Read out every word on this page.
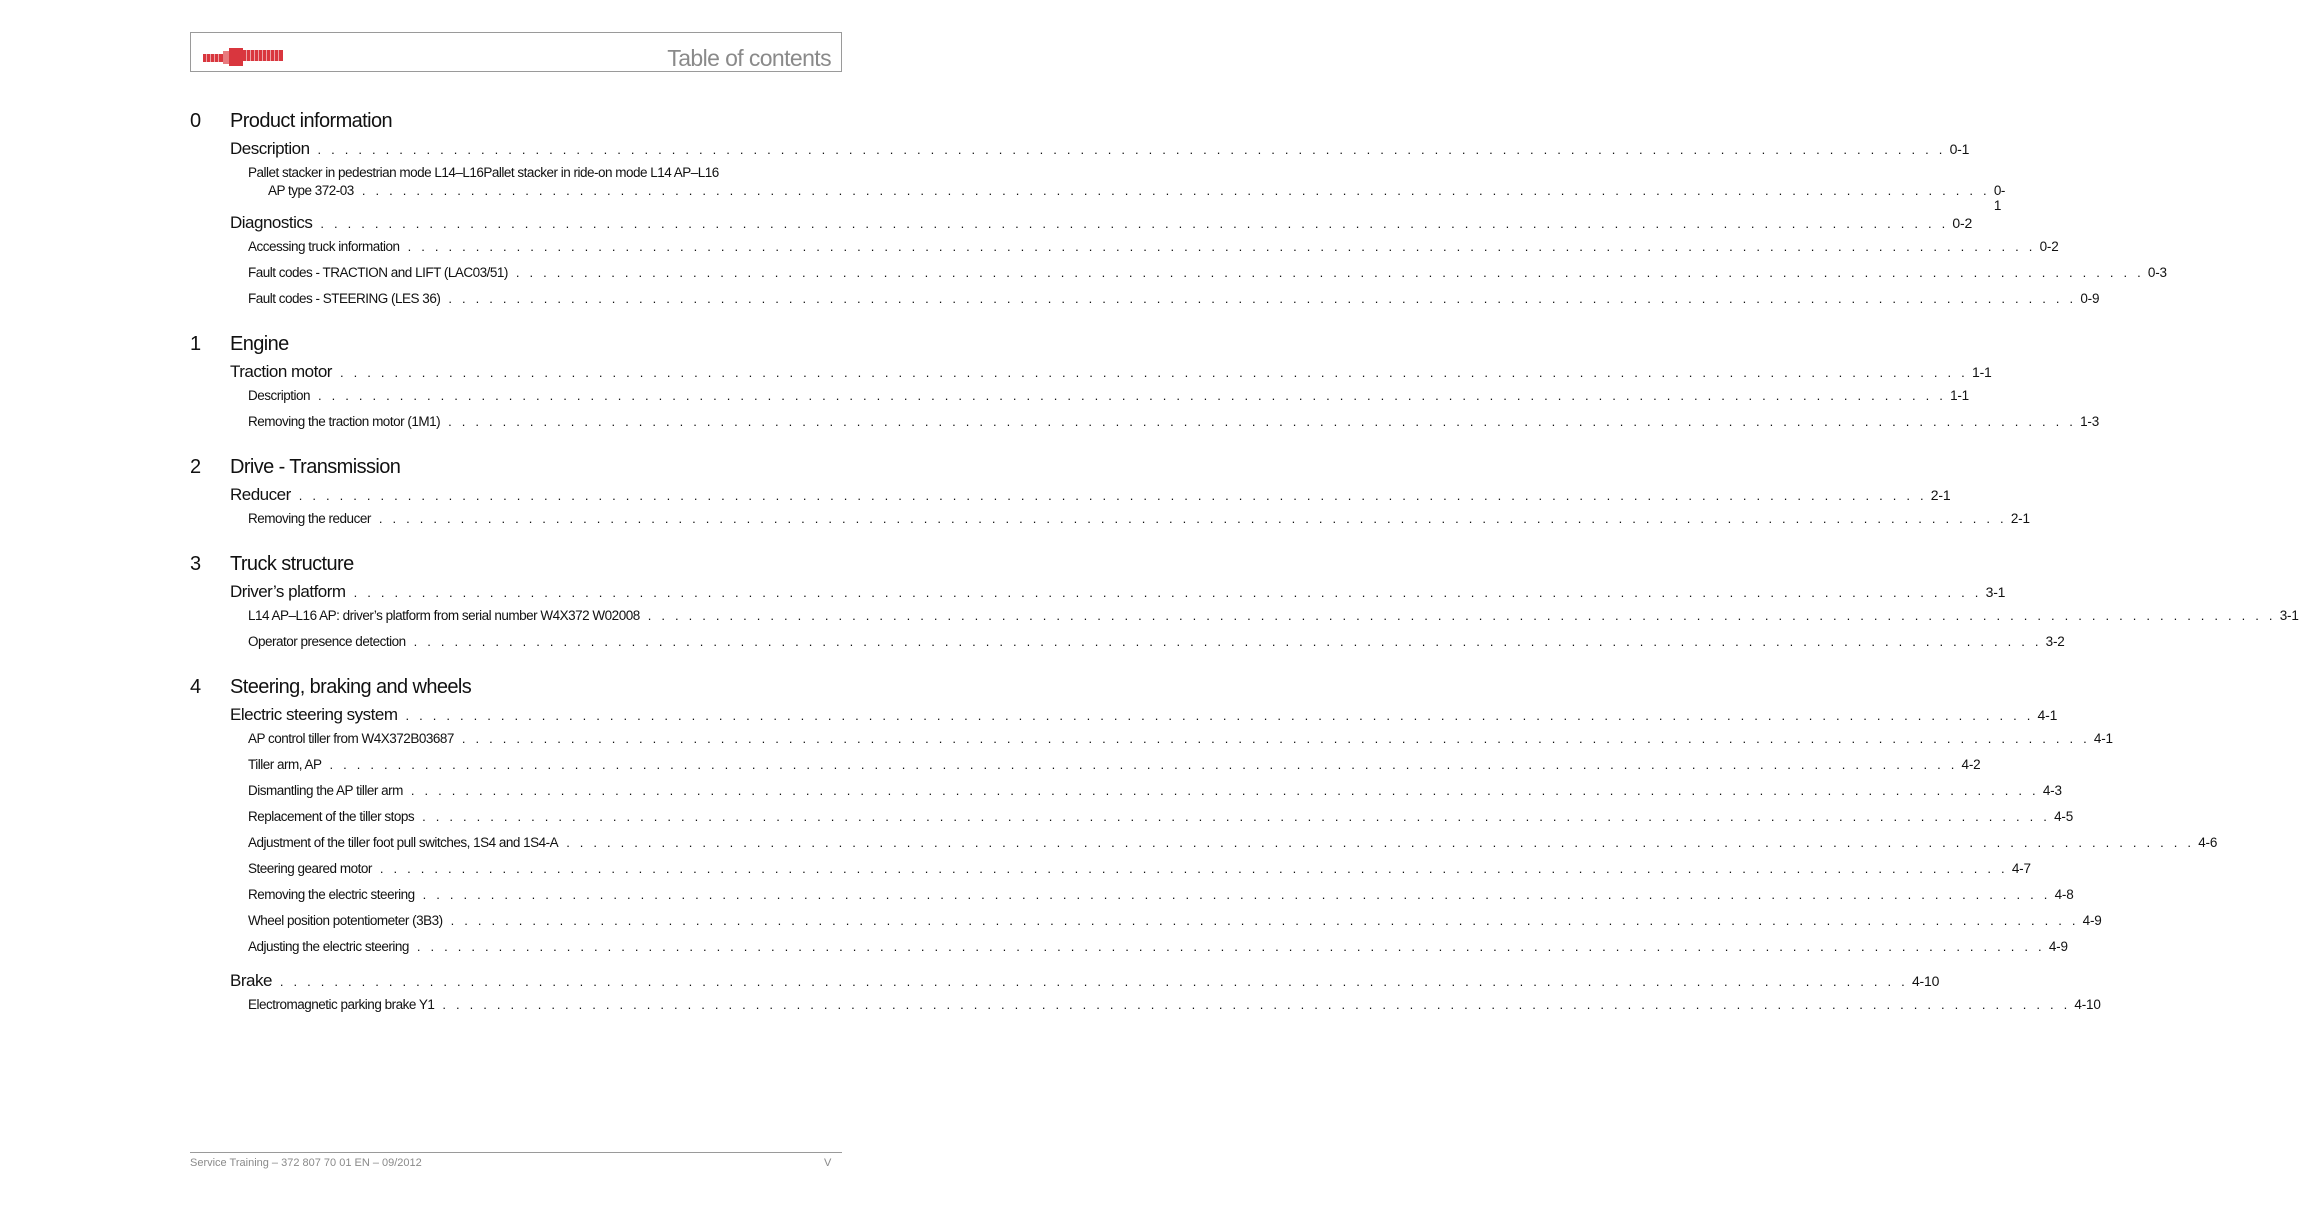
Table of contents
0	Product information
Description . . . . . . . . . . . . . . . . . . . . . . . . . . . . . . . . . . . . . . . . . . . . . . . . . . . . . . . . . . . . . . . . . . . . . . . . . . . . . . . . . . . . . . . . . . . . . . . . . . . . . . . . . . . . . . . . . . . . . . . . 0-1
Pallet stacker in pedestrian mode L14–L16Pallet stacker in ride-on mode L14 AP–L16
AP type 372-03 . . . . . . . . . . . . . . . . . . . . . . . . . . . . . . . . . . . . . . . . . . . . . . . . . . . . . . . . . . . . . . . . . . . . . . . . . . . . . . . . . . . . . . . . . . . . . . . . . . . . . . . . . . . . . . . . . . . . . . . . 0-1
Diagnostics . . . . . . . . . . . . . . . . . . . . . . . . . . . . . . . . . . . . . . . . . . . . . . . . . . . . . . . . . . . . . . . . . . . . . . . . . . . . . . . . . . . . . . . . . . . . . . . . . . . . . . . . . . . . . . . . . . . . . . . . 0-2
Accessing truck information . . . . . . . . . . . . . . . . . . . . . . . . . . . . . . . . . . . . . . . . . . . . . . . . . . . . . . . . . . . . . . . . . . . . . . . . . . . . . . . . . . . . . . . . . . . . . . . . . . . . . . . . . . . . . . . . . . . . . . . . 0-2
Fault codes - TRACTION and LIFT (LAC03/51) . . . . . . . . . . . . . . . . . . . . . . . . . . . . . . . . . . . . . . . . . . . . . . . . . . . . . . . . . . . . . . . . . . . . . . . . . . . . . . . . . . . . . . . . . . . . . . . . . . . . . . . . . . . . . . . . . . . . . . . . 0-3
Fault codes - STEERING (LES 36) . . . . . . . . . . . . . . . . . . . . . . . . . . . . . . . . . . . . . . . . . . . . . . . . . . . . . . . . . . . . . . . . . . . . . . . . . . . . . . . . . . . . . . . . . . . . . . . . . . . . . . . . . . . . . . . . . . . . . . . . 0-9
1	Engine
Traction motor . . . . . . . . . . . . . . . . . . . . . . . . . . . . . . . . . . . . . . . . . . . . . . . . . . . . . . . . . . . . . . . . . . . . . . . . . . . . . . . . . . . . . . . . . . . . . . . . . . . . . . . . . . . . . . . . . . . . . . . . 1-1
Description . . . . . . . . . . . . . . . . . . . . . . . . . . . . . . . . . . . . . . . . . . . . . . . . . . . . . . . . . . . . . . . . . . . . . . . . . . . . . . . . . . . . . . . . . . . . . . . . . . . . . . . . . . . . . . . . . . . . . . . . 1-1
Removing the traction motor (1M1) . . . . . . . . . . . . . . . . . . . . . . . . . . . . . . . . . . . . . . . . . . . . . . . . . . . . . . . . . . . . . . . . . . . . . . . . . . . . . . . . . . . . . . . . . . . . . . . . . . . . . . . . . . . . . . . . . . . . . . . . 1-3
2	Drive - Transmission
Reducer . . . . . . . . . . . . . . . . . . . . . . . . . . . . . . . . . . . . . . . . . . . . . . . . . . . . . . . . . . . . . . . . . . . . . . . . . . . . . . . . . . . . . . . . . . . . . . . . . . . . . . . . . . . . . . . . . . . . . . . . 2-1
Removing the reducer . . . . . . . . . . . . . . . . . . . . . . . . . . . . . . . . . . . . . . . . . . . . . . . . . . . . . . . . . . . . . . . . . . . . . . . . . . . . . . . . . . . . . . . . . . . . . . . . . . . . . . . . . . . . . . . . . . . . . . . . 2-1
3	Truck structure
Driver’s platform . . . . . . . . . . . . . . . . . . . . . . . . . . . . . . . . . . . . . . . . . . . . . . . . . . . . . . . . . . . . . . . . . . . . . . . . . . . . . . . . . . . . . . . . . . . . . . . . . . . . . . . . . . . . . . . . . . . . . . . . 3-1
L14 AP–L16 AP: driver’s platform from serial number W4X372 W02008 . . . . . . . . . . . . . . . . . . . . . . . . . . . . . . . . . . . . . . . . . . . . . . . . . . . . . . . . . . . . . . . . . . . . . . . . . . . . . . . . . . . . . . . . . . . . . . . . . . . . . . . . . . . . . . . . . . . . . . . . 3-1
Operator presence detection . . . . . . . . . . . . . . . . . . . . . . . . . . . . . . . . . . . . . . . . . . . . . . . . . . . . . . . . . . . . . . . . . . . . . . . . . . . . . . . . . . . . . . . . . . . . . . . . . . . . . . . . . . . . . . . . . . . . . . . . 3-2
4	Steering, braking and wheels
Electric steering system . . . . . . . . . . . . . . . . . . . . . . . . . . . . . . . . . . . . . . . . . . . . . . . . . . . . . . . . . . . . . . . . . . . . . . . . . . . . . . . . . . . . . . . . . . . . . . . . . . . . . . . . . . . . . . . . . . . . . . . . 4-1
AP control tiller from W4X372B03687 . . . . . . . . . . . . . . . . . . . . . . . . . . . . . . . . . . . . . . . . . . . . . . . . . . . . . . . . . . . . . . . . . . . . . . . . . . . . . . . . . . . . . . . . . . . . . . . . . . . . . . . . . . . . . . . . . . . . . . . . 4-1
Tiller arm, AP . . . . . . . . . . . . . . . . . . . . . . . . . . . . . . . . . . . . . . . . . . . . . . . . . . . . . . . . . . . . . . . . . . . . . . . . . . . . . . . . . . . . . . . . . . . . . . . . . . . . . . . . . . . . . . . . . . . . . . . . 4-2
Dismantling the AP tiller arm . . . . . . . . . . . . . . . . . . . . . . . . . . . . . . . . . . . . . . . . . . . . . . . . . . . . . . . . . . . . . . . . . . . . . . . . . . . . . . . . . . . . . . . . . . . . . . . . . . . . . . . . . . . . . . . . . . . . . . . . 4-3
Replacement of the tiller stops . . . . . . . . . . . . . . . . . . . . . . . . . . . . . . . . . . . . . . . . . . . . . . . . . . . . . . . . . . . . . . . . . . . . . . . . . . . . . . . . . . . . . . . . . . . . . . . . . . . . . . . . . . . . . . . . . . . . . . . . 4-5
Adjustment of the tiller foot pull switches, 1S4 and 1S4-A . . . . . . . . . . . . . . . . . . . . . . . . . . . . . . . . . . . . . . . . . . . . . . . . . . . . . . . . . . . . . . . . . . . . . . . . . . . . . . . . . . . . . . . . . . . . . . . . . . . . . . . . . . . . . . . . . . . . . . . . 4-6
Steering geared motor . . . . . . . . . . . . . . . . . . . . . . . . . . . . . . . . . . . . . . . . . . . . . . . . . . . . . . . . . . . . . . . . . . . . . . . . . . . . . . . . . . . . . . . . . . . . . . . . . . . . . . . . . . . . . . . . . . . . . . . . 4-7
Removing the electric steering . . . . . . . . . . . . . . . . . . . . . . . . . . . . . . . . . . . . . . . . . . . . . . . . . . . . . . . . . . . . . . . . . . . . . . . . . . . . . . . . . . . . . . . . . . . . . . . . . . . . . . . . . . . . . . . . . . . . . . . . 4-8
Wheel position potentiometer (3B3) . . . . . . . . . . . . . . . . . . . . . . . . . . . . . . . . . . . . . . . . . . . . . . . . . . . . . . . . . . . . . . . . . . . . . . . . . . . . . . . . . . . . . . . . . . . . . . . . . . . . . . . . . . . . . . . . . . . . . . . . 4-9
Adjusting the electric steering . . . . . . . . . . . . . . . . . . . . . . . . . . . . . . . . . . . . . . . . . . . . . . . . . . . . . . . . . . . . . . . . . . . . . . . . . . . . . . . . . . . . . . . . . . . . . . . . . . . . . . . . . . . . . . . . . . . . . . . . 4-9
Brake . . . . . . . . . . . . . . . . . . . . . . . . . . . . . . . . . . . . . . . . . . . . . . . . . . . . . . . . . . . . . . . . . . . . . . . . . . . . . . . . . . . . . . . . . . . . . . . . . . . . . . . . . . . . . . . . . . . . . . . . 4-10
Electromagnetic parking brake Y1 . . . . . . . . . . . . . . . . . . . . . . . . . . . . . . . . . . . . . . . . . . . . . . . . . . . . . . . . . . . . . . . . . . . . . . . . . . . . . . . . . . . . . . . . . . . . . . . . . . . . . . . . . . . . . . . . . . . . . . . . 4-10
Service Training – 372 807 70 01 EN – 09/2012	V
